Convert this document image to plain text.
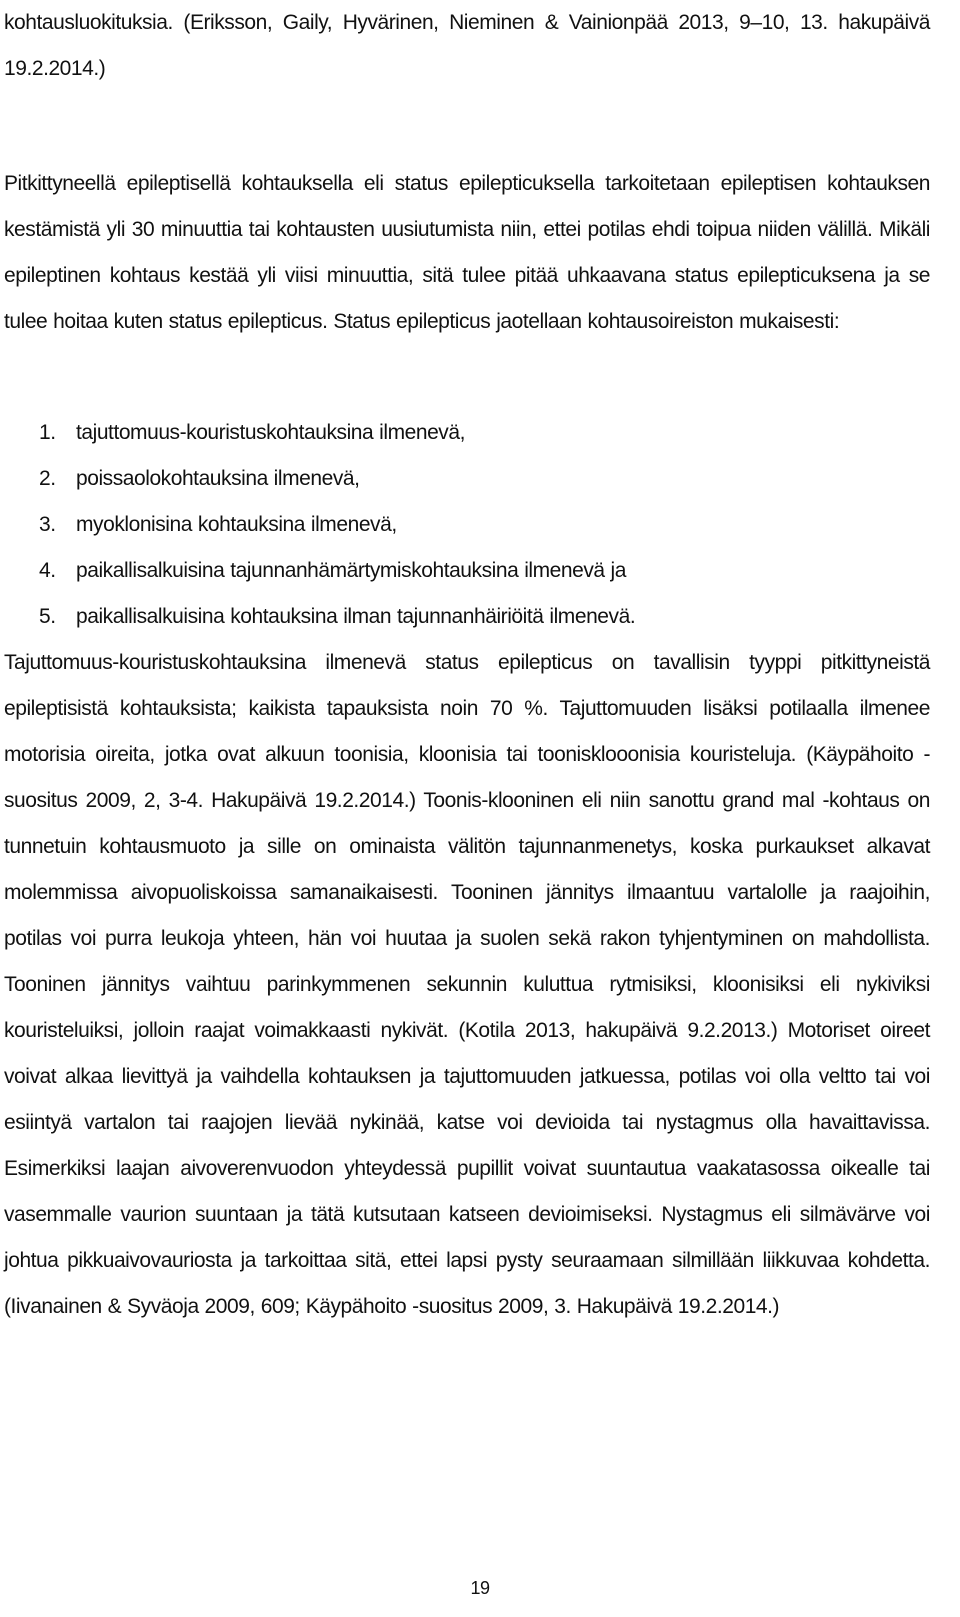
kohtausluokituksia. (Eriksson, Gaily, Hyvärinen, Nieminen & Vainionpää 2013, 9–10, 13. hakupäivä 19.2.2014.)

Pitkittyneellä epileptisellä kohtauksella eli status epilepticuksella tarkoitetaan epileptisen kohtauksen kestämistä yli 30 minuuttia tai kohtausten uusiutumista niin, ettei potilas ehdi toipua niiden välillä. Mikäli epileptinen kohtaus kestää yli viisi minuuttia, sitä tulee pitää uhkaavana status epilepticuksena ja se tulee hoitaa kuten status epilepticus. Status epilepticus jaotellaan kohtausoireiston mukaisesti:

1. tajuttomuus-kouristuskohtauksina ilmenevä,
2. poissaolokohtauksina ilmenevä,
3. myoklonisina kohtauksina ilmenevä,
4. paikallisalkuisina tajunnanhämärtymiskohtauksina ilmenevä ja
5. paikallisalkuisina kohtauksina ilman tajunnanhäiriöitä ilmenevä.

Tajuttomuus-kouristuskohtauksina ilmenevä status epilepticus on tavallisin tyyppi pitkittyneistä epileptisistä kohtauksista; kaikista tapauksista noin 70 %. Tajuttomuuden lisäksi potilaalla ilmenee motorisia oireita, jotka ovat alkuun toonisia, kloonisia tai toonisklooonisia kouristeluja. (Käypähoito -suositus 2009, 2, 3-4. Hakupäivä 19.2.2014.) Toonis-klooninen eli niin sanottu grand mal -kohtaus on tunnetuin kohtausmuoto ja sille on ominaista välitön tajunnanmenetys, koska purkaukset alkavat molemmissa aivopuoliskoissa samanaikaisesti. Tooninen jännitys ilmaantuu vartalolle ja raajoihin, potilas voi purra leukoja yhteen, hän voi huutaa ja suolen sekä rakon tyhjentyminen on mahdollista. Tooninen jännitys vaihtuu parinkymmenen sekunnin kuluttua rytmisiksi, kloonisiksi eli nykiviksi kouristeluiksi, jolloin raajat voimakkaasti nykivät. (Kotila 2013, hakupäivä 9.2.2013.) Motoriset oireet voivat alkaa lievittyä ja vaihdella kohtauksen ja tajuttomuuden jatkuessa, potilas voi olla veltto tai voi esiintyä vartalon tai raajojen lievää nykinää, katse voi devioida tai nystagmus olla havaittavissa. Esimerkiksi laajan aivoverenvuodon yhteydessä pupillit voivat suuntautua vaakatasossa oikealle tai vasemmalle vaurion suuntaan ja tätä kutsutaan katseen devioimiseksi. Nystagmus eli silmävärve voi johtua pikkuaivovauriosta ja tarkoittaa sitä, ettei lapsi pysty seuraamaan silmillään liikkuvaa kohdetta. (Iivanainen & Syväoja 2009, 609; Käypähoito -suositus 2009, 3. Hakupäivä 19.2.2014.)

19
